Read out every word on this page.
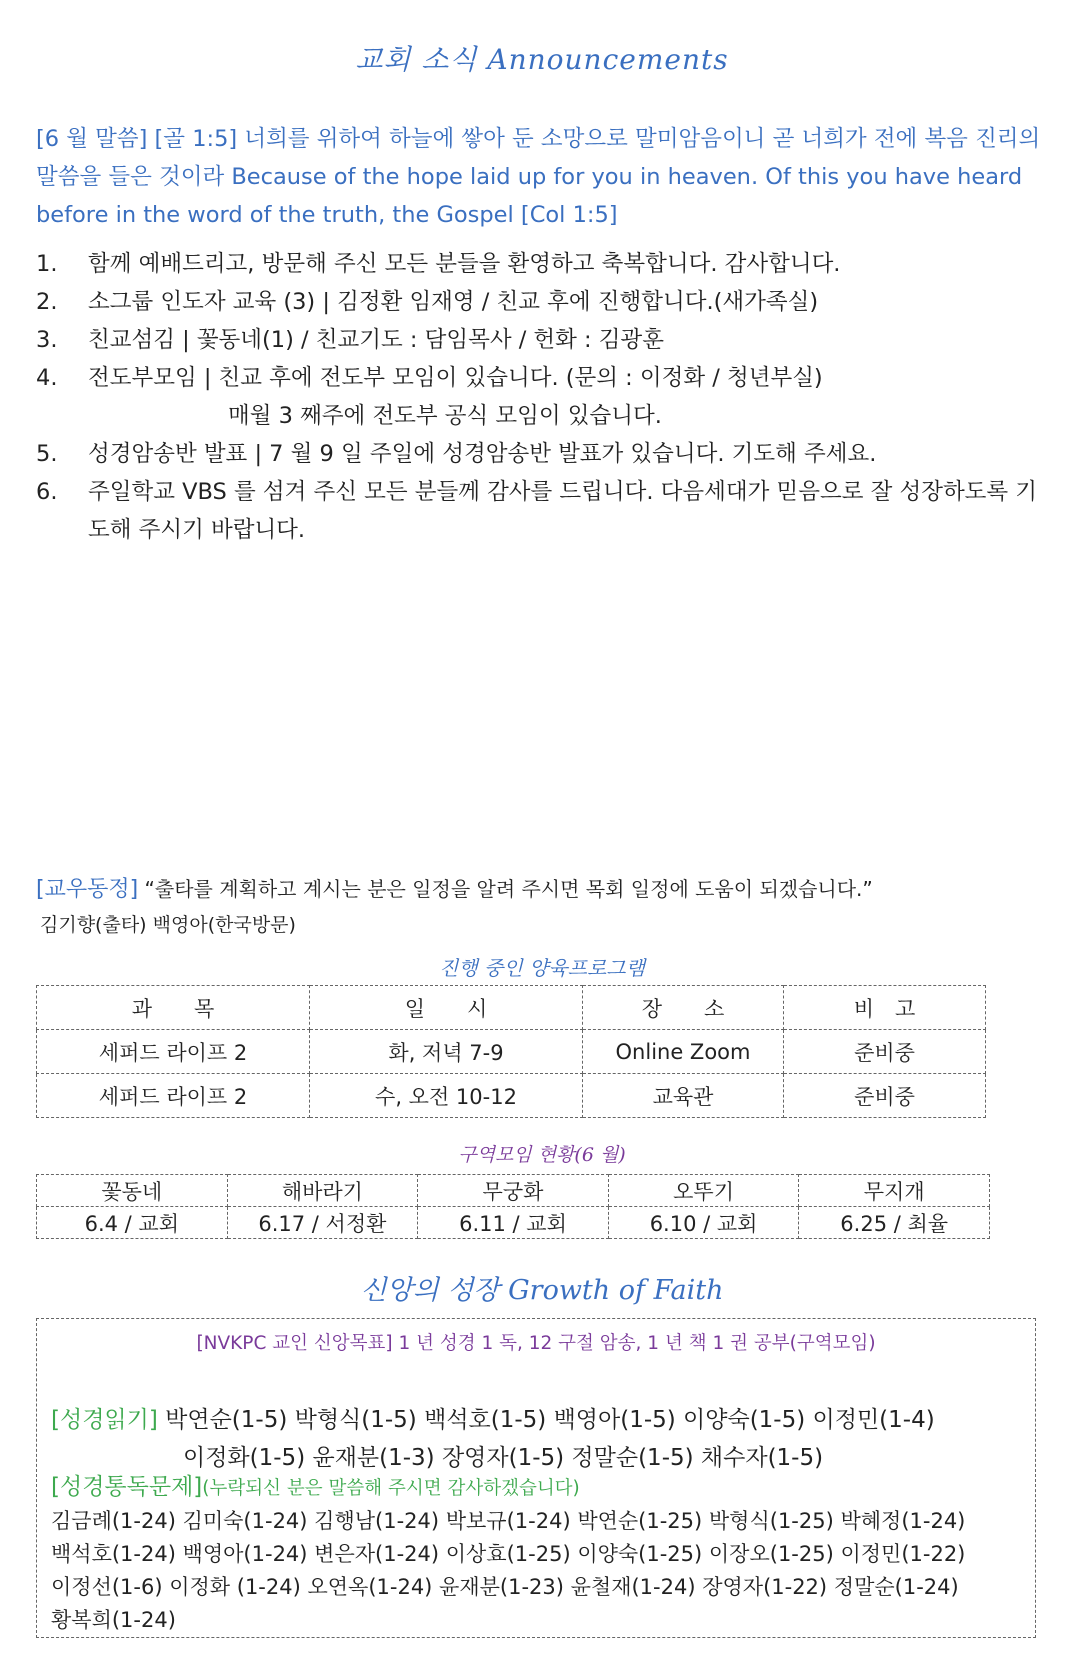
교회 소식 Announcements
[6 월 말씀] [골 1:5] 너희를 위하여 하늘에 쌓아 둔 소망으로 말미암음이니 곧 너희가 전에 복음 진리의 말씀을 들은 것이라 Because of the hope laid up for you in heaven. Of this you have heard before in the word of the truth, the Gospel [Col 1:5]
1. 함께 예배드리고, 방문해 주신 모든 분들을 환영하고 축복합니다. 감사합니다.
2. 소그룹 인도자 교육 (3) | 김정환 임재영 / 친교 후에 진행합니다.(새가족실)
3. 친교섬김 | 꽃동네(1) / 친교기도 : 담임목사 / 헌화 : 김광훈
4. 전도부모임 | 친교 후에 전도부 모임이 있습니다. (문의 : 이정화 / 청년부실)
매월 3 째주에 전도부 공식 모임이 있습니다.
5. 성경암송반 발표 | 7 월 9 일 주일에 성경암송반 발표가 있습니다. 기도해 주세요.
6. 주일학교 VBS 를 섬겨 주신 모든 분들께 감사를 드립니다. 다음세대가 믿음으로 잘 성장하도록 기도해 주시기 바랍니다.
[교우동정] “출타를 계획하고 계시는 분은 일정을 알려 주시면 목회 일정에 도움이 되겠습니다.”
김기향(출타) 백영아(한국방문)
진행 중인 양육프로그램
과　　목	일　　시	장　　소	비　고
세퍼드 라이프 2	화, 저녁 7-9	Online Zoom	준비중
세퍼드 라이프 2	수, 오전 10-12	교육관	준비중
구역모임 현황(6 월)
꽃동네	해바라기	무궁화	오뚜기	무지개
6.4 / 교회	6.17 / 서정환	6.11 / 교회	6.10 / 교회	6.25 / 최율
신앙의 성장 Growth of Faith
[NVKPC 교인 신앙목표] 1 년 성경 1 독, 12 구절 암송, 1 년 책 1 권 공부(구역모임)
[성경읽기] 박연순(1-5) 박형식(1-5) 백석호(1-5) 백영아(1-5) 이양숙(1-5) 이정민(1-4)
이정화(1-5) 윤재분(1-3) 장영자(1-5) 정말순(1-5) 채수자(1-5)
[성경통독문제](누락되신 분은 말씀해 주시면 감사하겠습니다)
김금례(1-24) 김미숙(1-24) 김행남(1-24) 박보규(1-24) 박연순(1-25) 박형식(1-25) 박혜정(1-24)
백석호(1-24) 백영아(1-24) 변은자(1-24) 이상효(1-25) 이양숙(1-25) 이장오(1-25) 이정민(1-22)
이정선(1-6) 이정화 (1-24) 오연옥(1-24) 윤재분(1-23) 윤철재(1-24) 장영자(1-22) 정말순(1-24)
황복희(1-24)
